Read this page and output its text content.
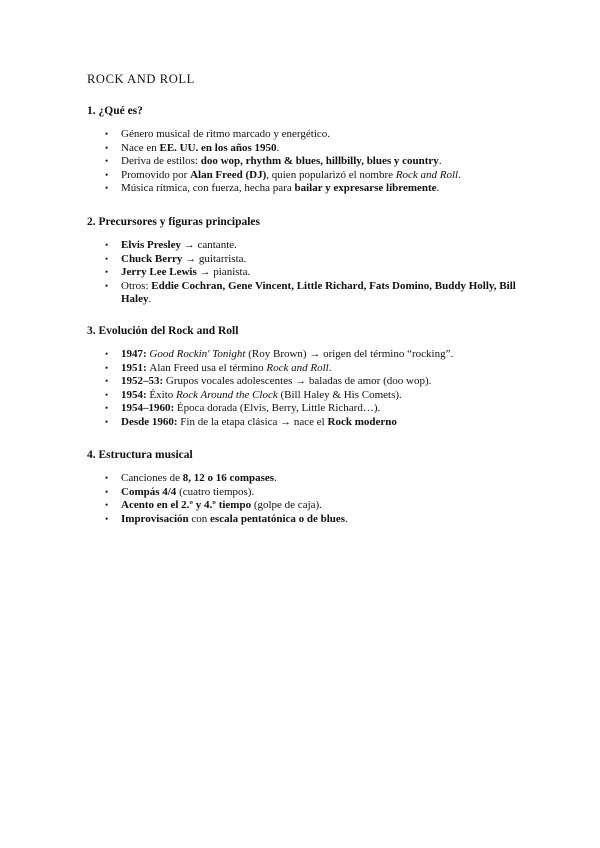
ROCK AND ROLL
1. ¿Qué es?
• Género musical de ritmo marcado y energético.
• Nace en EE. UU. en los años 1950.
• Deriva de estilos: doo wop, rhythm & blues, hillbilly, blues y country.
• Promovido por Alan Freed (DJ), quien popularizó el nombre Rock and Roll.
• Música rítmica, con fuerza, hecha para bailar y expresarse libremente.
2. Precursores y figuras principales
• Elvis Presley → cantante.
• Chuck Berry → guitarrista.
• Jerry Lee Lewis → pianista.
• Otros: Eddie Cochran, Gene Vincent, Little Richard, Fats Domino, Buddy Holly, Bill Haley.
3. Evolución del Rock and Roll
• 1947: Good Rockin' Tonight (Roy Brown) → origen del término “rocking”.
• 1951: Alan Freed usa el término Rock and Roll.
• 1952–53: Grupos vocales adolescentes → baladas de amor (doo wop).
• 1954: Éxito Rock Around the Clock (Bill Haley & His Comets).
• 1954–1960: Época dorada (Elvis, Berry, Little Richard…).
• Desde 1960: Fin de la etapa clásica → nace el Rock moderno
4. Estructura musical
• Canciones de 8, 12 o 16 compases.
• Compás 4/4 (cuatro tiempos).
• Acento en el 2.º y 4.º tiempo (golpe de caja).
• Improvisación con escala pentatónica o de blues.
